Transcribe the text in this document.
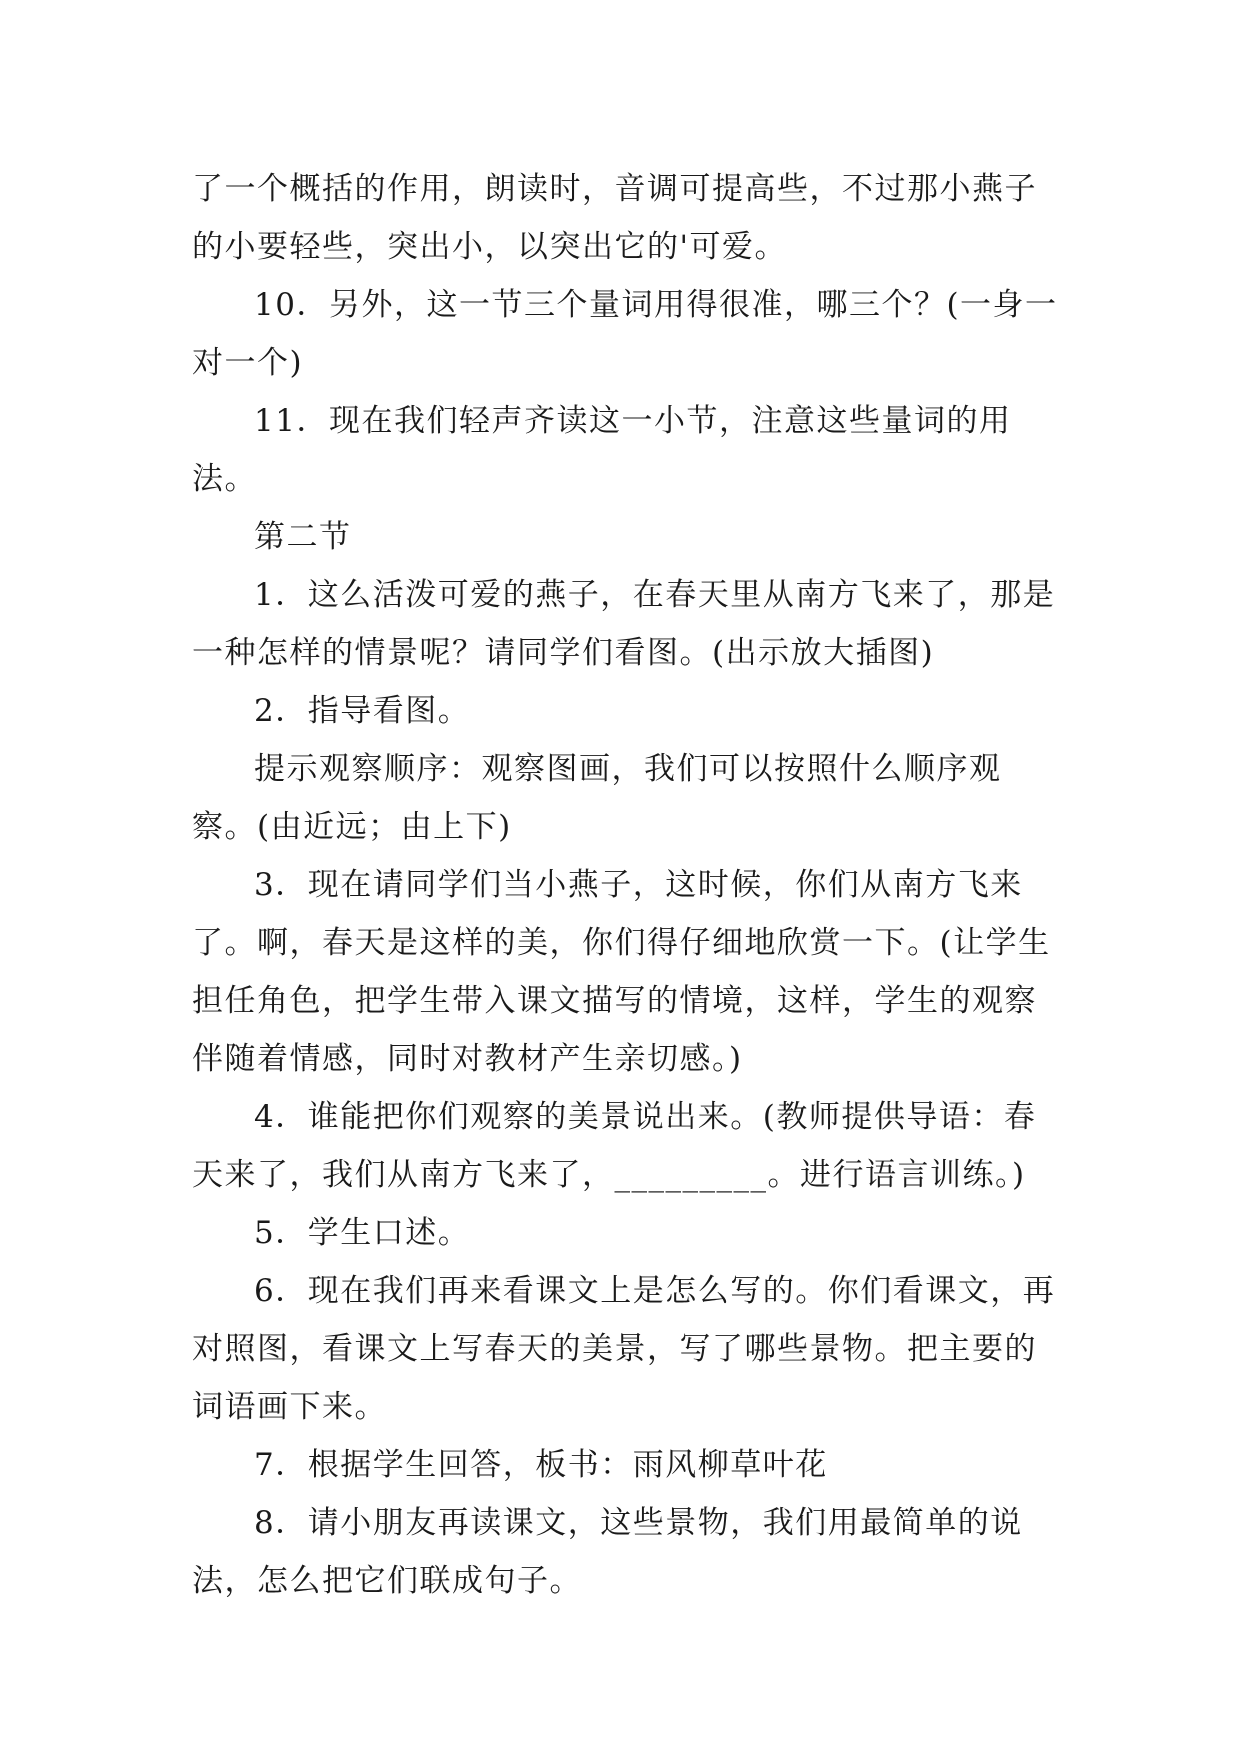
了一个概括的作用，朗读时，音调可提高些，不过那小燕子的小要轻些，突出小，以突出它的'可爱。

10．另外，这一节三个量词用得很准，哪三个？(一身一对一个)

11．现在我们轻声齐读这一小节，注意这些量词的用法。

第二节

1．这么活泼可爱的燕子，在春天里从南方飞来了，那是一种怎样的情景呢？请同学们看图。(出示放大插图)

2．指导看图。

提示观察顺序：观察图画，我们可以按照什么顺序观察。(由近远；由上下)

3．现在请同学们当小燕子，这时候，你们从南方飞来了。啊，春天是这样的美，你们得仔细地欣赏一下。(让学生担任角色，把学生带入课文描写的情境，这样，学生的观察伴随着情感，同时对教材产生亲切感。)

4．谁能把你们观察的美景说出来。(教师提供导语：春天来了，我们从南方飞来了，_________。进行语言训练。)

5．学生口述。

6．现在我们再来看课文上是怎么写的。你们看课文，再对照图，看课文上写春天的美景，写了哪些景物。把主要的词语画下来。

7．根据学生回答，板书：雨风柳草叶花

8．请小朋友再读课文，这些景物，我们用最简单的说法，怎么把它们联成句子。
